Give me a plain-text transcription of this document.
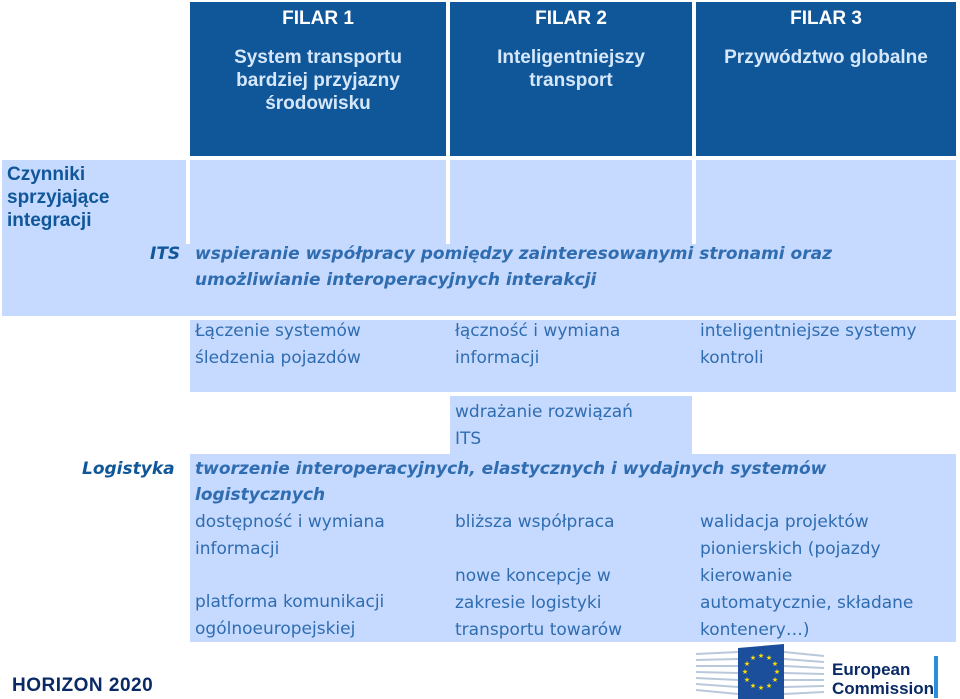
FILAR 1
System transportu
bardziej przyjazny
środowisku
FILAR 2
Inteligentniejszy
transport
FILAR 3
Przywództwo globalne
Czynniki
sprzyjające
integracji
ITS wspieranie współpracy pomiędzy zainteresowanymi stronami oraz
umożliwianie interoperacyjnych interakcji
Łączenie systemów
śledzenia pojazdów
łączność i wymiana
informacji
inteligentniejsze systemy
kontroli
wdrażanie rozwiązań
ITS
Logistyka tworzenie interoperacyjnych, elastycznych i wydajnych systemów
logistycznych
dostępność i wymiana
informacji
platforma komunikacji
ogólnoeuropejskiej
bliższa współpraca
nowe koncepcje w
zakresie logistyki
transportu towarów
walidacja projektów
pionierskich (pojazdy
kierowanie
automatycznie, składane
kontenery…)
HORIZON 2020
★ ★
★
★
★
★
★
★
★
★
★
★
European
Commission
